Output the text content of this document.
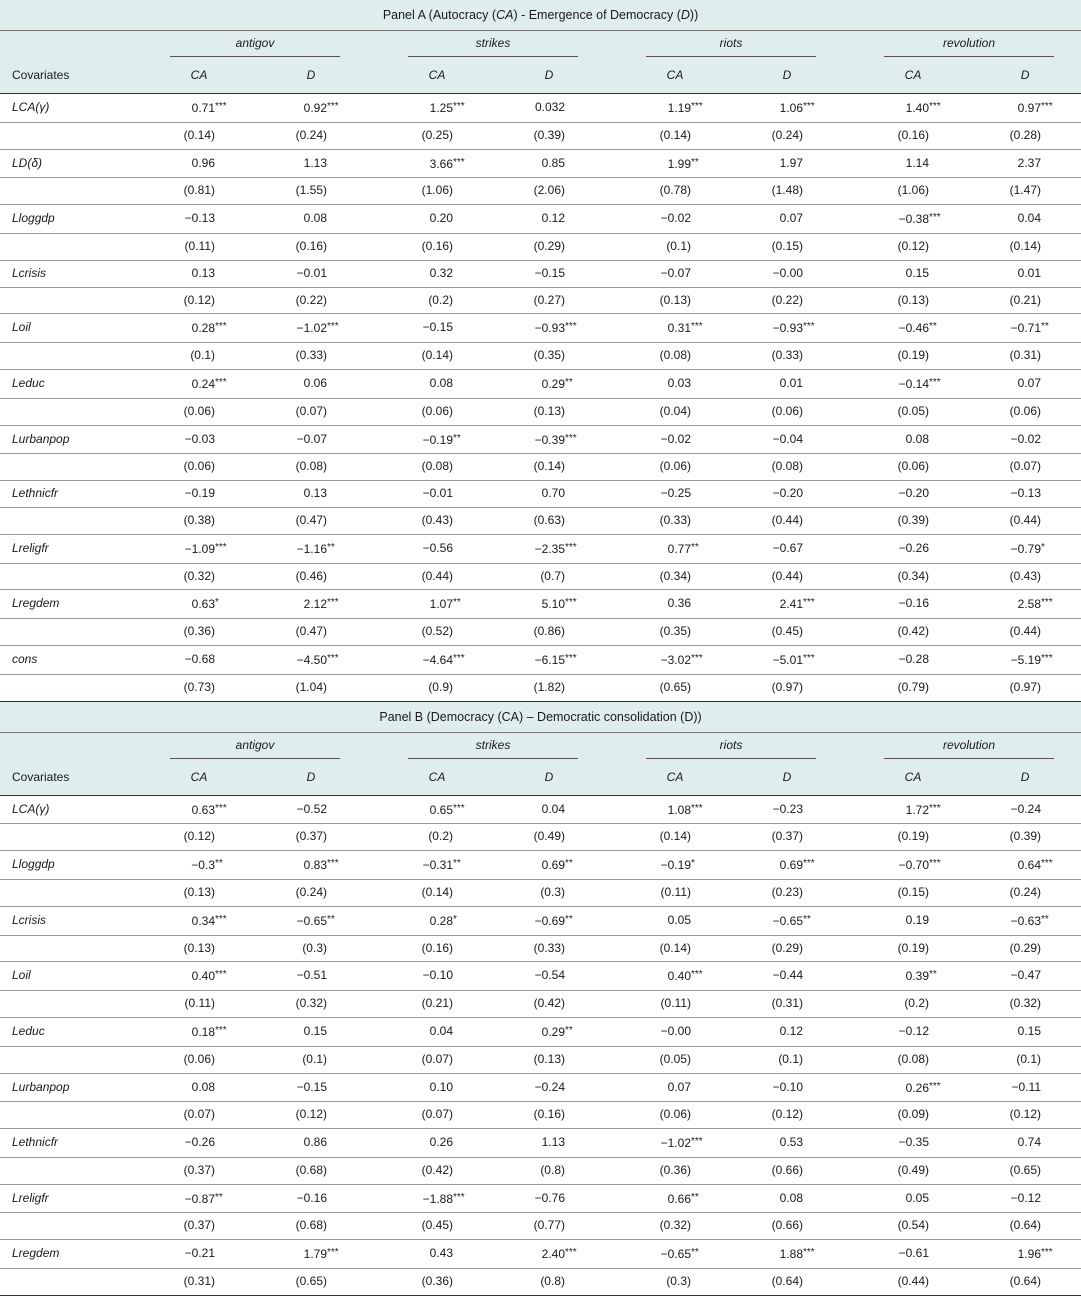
Panel A (Autocracy (CA) - Emergence of Democracy (D))											

	antigov			strikes			riots			revolution	

Covariates	CA	D		CA	D		CA	D		CA	D
LCA(γ)	0.71***	0.92***		1.25***	0.032		1.19***	1.06***		1.40***	0.97***
	(0.14)	(0.24)		(0.25)	(0.39)		(0.14)	(0.24)		(0.16)	(0.28)
LD(δ)	0.96	1.13		3.66***	0.85		1.99**	1.97		1.14	2.37
	(0.81)	(1.55)		(1.06)	(2.06)		(0.78)	(1.48)		(1.06)	(1.47)
Lloggdp	−0.13	0.08		0.20	0.12		−0.02	0.07		−0.38***	0.04
	(0.11)	(0.16)		(0.16)	(0.29)		(0.1)	(0.15)		(0.12)	(0.14)
Lcrisis	0.13	−0.01		0.32	−0.15		−0.07	−0.00		0.15	0.01
	(0.12)	(0.22)		(0.2)	(0.27)		(0.13)	(0.22)		(0.13)	(0.21)
Loil	0.28***	−1.02***		−0.15	−0.93***		0.31***	−0.93***		−0.46**	−0.71**
	(0.1)	(0.33)		(0.14)	(0.35)		(0.08)	(0.33)		(0.19)	(0.31)
Leduc	0.24***	0.06		0.08	0.29**		0.03	0.01		−0.14***	0.07
	(0.06)	(0.07)		(0.06)	(0.13)		(0.04)	(0.06)		(0.05)	(0.06)
Lurbanpop	−0.03	−0.07		−0.19**	−0.39***		−0.02	−0.04		0.08	−0.02
	(0.06)	(0.08)		(0.08)	(0.14)		(0.06)	(0.08)		(0.06)	(0.07)
Lethnicfr	−0.19	0.13		−0.01	0.70		−0.25	−0.20		−0.20	−0.13
	(0.38)	(0.47)		(0.43)	(0.63)		(0.33)	(0.44)		(0.39)	(0.44)
Lreligfr	−1.09***	−1.16**		−0.56	−2.35***		0.77**	−0.67		−0.26	−0.79*
	(0.32)	(0.46)		(0.44)	(0.7)		(0.34)	(0.44)		(0.34)	(0.43)
Lregdem	0.63*	2.12***		1.07**	5.10***		0.36	2.41***		−0.16	2.58***
	(0.36)	(0.47)		(0.52)	(0.86)		(0.35)	(0.45)		(0.42)	(0.44)
cons	−0.68	−4.50***		−4.64***	−6.15***		−3.02***	−5.01***		−0.28	−5.19***
	(0.73)	(1.04)		(0.9)	(1.82)		(0.65)	(0.97)		(0.79)	(0.97)
Panel B (Democracy (CA) – Democratic consolidation (D))											

	antigov			strikes			riots			revolution	

Covariates	CA	D		CA	D		CA	D		CA	D
LCA(γ)	0.63***	−0.52		0.65***	0.04		1.08***	−0.23		1.72***	−0.24
	(0.12)	(0.37)		(0.2)	(0.49)		(0.14)	(0.37)		(0.19)	(0.39)
Lloggdp	−0.3**	0.83***		−0.31**	0.69**		−0.19*	0.69***		−0.70***	0.64***
	(0.13)	(0.24)		(0.14)	(0.3)		(0.11)	(0.23)		(0.15)	(0.24)
Lcrisis	0.34***	−0.65**		0.28*	−0.69**		0.05	−0.65**		0.19	−0.63**
	(0.13)	(0.3)		(0.16)	(0.33)		(0.14)	(0.29)		(0.19)	(0.29)
Loil	0.40***	−0.51		−0.10	−0.54		0.40***	−0.44		0.39**	−0.47
	(0.11)	(0.32)		(0.21)	(0.42)		(0.11)	(0.31)		(0.2)	(0.32)
Leduc	0.18***	0.15		0.04	0.29**		−0.00	0.12		−0.12	0.15
	(0.06)	(0.1)		(0.07)	(0.13)		(0.05)	(0.1)		(0.08)	(0.1)
Lurbanpop	0.08	−0.15		0.10	−0.24		0.07	−0.10		0.26***	−0.11
	(0.07)	(0.12)		(0.07)	(0.16)		(0.06)	(0.12)		(0.09)	(0.12)
Lethnicfr	−0.26	0.86		0.26	1.13		−1.02***	0.53		−0.35	0.74
	(0.37)	(0.68)		(0.42)	(0.8)		(0.36)	(0.66)		(0.49)	(0.65)
Lreligfr	−0.87**	−0.16		−1.88***	−0.76		0.66**	0.08		0.05	−0.12
	(0.37)	(0.68)		(0.45)	(0.77)		(0.32)	(0.66)		(0.54)	(0.64)
Lregdem	−0.21	1.79***		0.43	2.40***		−0.65**	1.88***		−0.61	1.96***
	(0.31)	(0.65)		(0.36)	(0.8)		(0.3)	(0.64)		(0.44)	(0.64)
